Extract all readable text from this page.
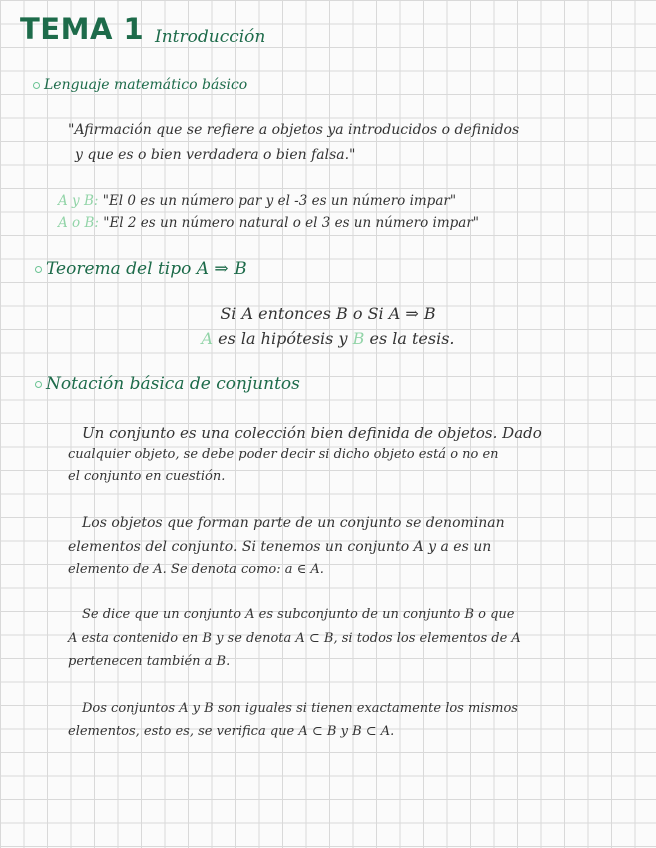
TEMA 1 Introducción
Lenguaje matemático básico
"Afirmación que se refiere a objetos ya introducidos o definidos
y que es o bien verdadera o bien falsa."
A y B: "El 0 es un número par y el -3 es un número impar"
A o B: "El 2 es un número natural o el 3 es un número impar"
Teorema del tipo A ⇒ B
Si A entonces B o Si A ⇒ B
A es la hipótesis y B es la tesis.
Notación básica de conjuntos
Un conjunto es una colección bien definida de objetos. Dado
cualquier objeto, se debe poder decir si dicho objeto está o no en
el conjunto en cuestión.
Los objetos que forman parte de un conjunto se denominan
elementos del conjunto. Si tenemos un conjunto A y a es un
elemento de A. Se denota como: a ∈ A.
Se dice que un conjunto A es subconjunto de un conjunto B o que
A esta contenido en B y se denota A ⊂ B, si todos los elementos de A
pertenecen también a B.
Dos conjuntos A y B son iguales si tienen exactamente los mismos
elementos, esto es, se verifica que A ⊂ B y B ⊂ A.
